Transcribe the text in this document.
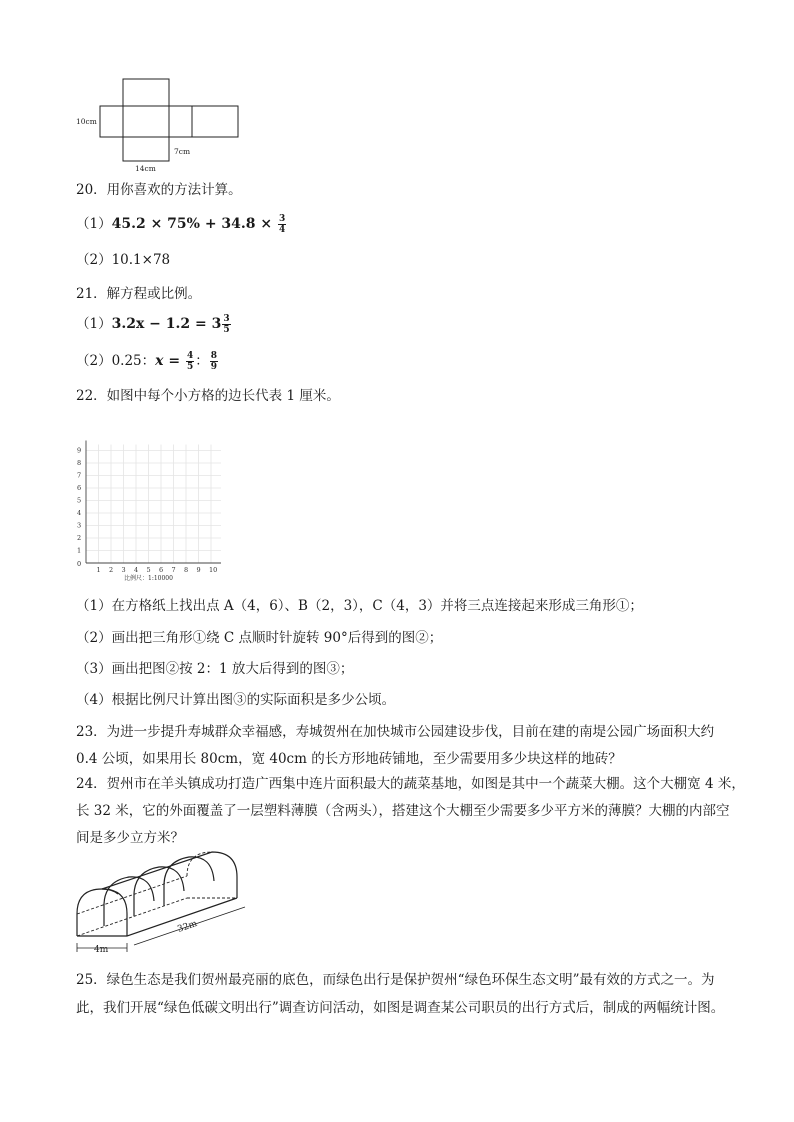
10cm
7cm
14cm
20．用你喜欢的方法计算。
$(1)45.2 \times 75\% + 34.8 \times \frac{3}{4}$
（2）10.1×78
21．解方程或比例。
$(1)3.2x - 1.2 = 3 \frac{3}{5}$
（2）0.25：$x = \frac{4}{5}$ ： $\frac{8}{9}$
22．如图中每个小方格的边长代表 1 厘米。
1 2 3 4 5 6 7 8 9 10
1
2
3
4
5
6
7
8
9
0
比例尺：1:10000
（1）在方格纸上找出点 A（4，6）、B（2，3），C（4，3）并将三点连接起来形成三角形①；
（2）画出把三角形①绕 C 点顺时针旋转 90°后得到的图②；
（3）画出把图②按 2：1 放大后得到的图③；
（4）根据比例尺计算出图③的实际面积是多少公顷。
23．为进一步提升寿城群众幸福感，寿城贺州在加快城市公园建设步伐，目前在建的南堤公园广场面积大约
0.4 公顷，如果用长 80cm，宽 40cm 的长方形地砖铺地，至少需要用多少块这样的地砖？
24．贺州市在羊头镇成功打造广西集中连片面积最大的蔬菜基地，如图是其中一个蔬菜大棚。这个大棚宽 4 米，
长 32 米，它的外面覆盖了一层塑料薄膜（含两头），搭建这个大棚至少需要多少平方米的薄膜？大棚的内部空
间是多少立方米？
4m
32m
25．绿色生态是我们贺州最亮丽的底色，而绿色出行是保护贺州“绿色环保生态文明”最有效的方式之一。为
此，我们开展“绿色低碳文明出行”调查访问活动，如图是调查某公司职员的出行方式后，制成的两幅统计图。
